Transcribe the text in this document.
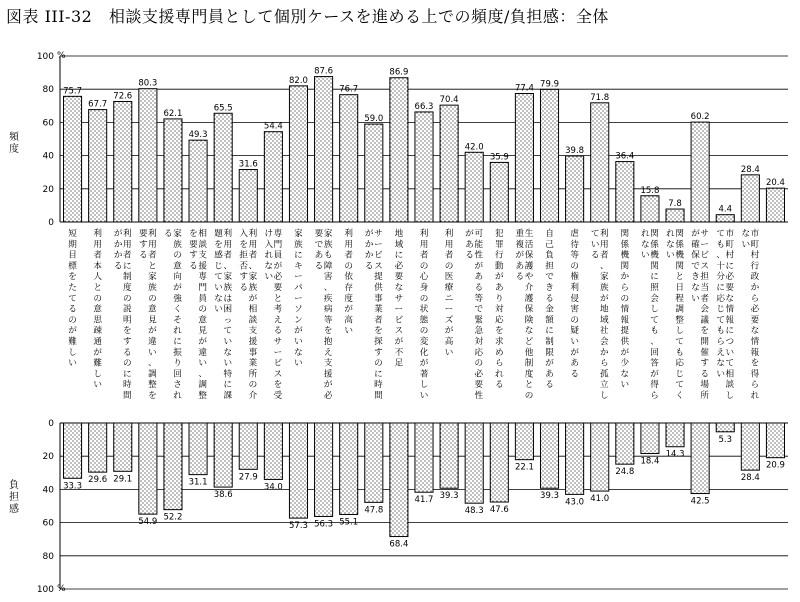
図表 III-32　相談支援専門員として個別ケースを進める上での頻度/負担感：全体
75.7
67.7
72.6
80.3
62.1
49.3
65.5
31.6
54.4
82.0
87.6
76.7
59.0
86.9
66.3
70.4
42.0
35.9
77.4 79.9
39.8
71.8
36.4
15.8
7.8
60.2
4.4
28.4
20.4
33.3
29.6 29.1
54.9 52.2
31.1
38.6
27.9
34.0
57.3 56.3 55.1
47.8
68.4
41.7 39.3
48.3 47.6
22.1
39.3
43.0 41.0
24.8
18.4
14.3
42.5
5.3
28.4
20.9
短期目標をたてるのが難しい
利用者本人との意思疎通が難しい
利用者に制度の説明をするのに時間がかかる
利用者と家族の意見が違い、調整を要する
家族の意向が強くそれに振り回される	相談支援専門員の意見が違い、調整を要する
利用者、家族は困っていない特に課題を感じていない
利用者、家族が相談支援事業所の介入を拒否する
専門員が必要と考えるサービスを受け入れない
家族にキーパーソンがいない
家族も障害、疾病等を抱え支援が必要である
利用者の依存度が高い
サービス提供事業者を探すのに時間がかかる
地域に必要なサービスが不足
利用者の心身の状態の変化が著しい
利用者の医療ニーズが高い
可能性がある等で緊急対応の必要性がある
犯罪行動があり対応を求められる
生活保護や介護保険など他制度との重複がある
自己負担できる金額に制限がある
虐待等の権利侵害の疑いがある
利用者、家族が地域社会から孤立している
関係機関からの情報提供が少ない
関係機関に照会しても、回答が得られない
関係機関と日程調整しても応じてくれない
サービス担当者会議を開催する場所が確保できない
市町村に必要な情報について相談しても、十分に応じてもらえない
市町村行政から必要な情報を得られない
0
20
40
60
80
100
0
20
40
60
80
100
%
%
頻度
負担感
